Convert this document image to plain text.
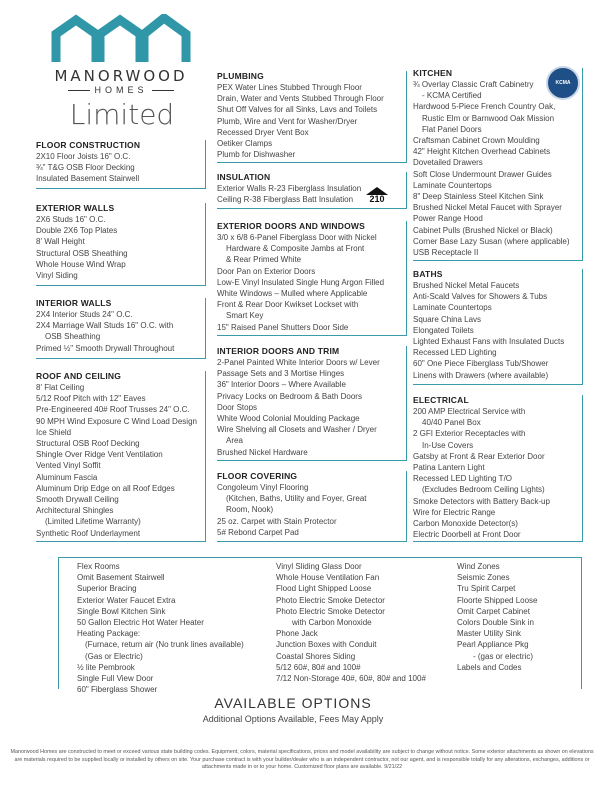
MANORWOOD
HOMES
Limited
FLOOR CONSTRUCTION
2X10 Floor Joists 16" O.C.
¾" T&G OSB Floor Decking
Insulated Basement Stairwell
EXTERIOR WALLS
2X6 Studs 16" O.C.
Double 2X6 Top Plates
8' Wall Height
Structural OSB Sheathing
Whole House Wind Wrap
Vinyl Siding
INTERIOR WALLS
2X4 Interior Studs 24" O.C.
2X4 Marriage Wall Studs 16" O.C. with
OSB Sheathing
Primed ½" Smooth Drywall Throughout
ROOF AND CEILING
8' Flat Ceiling
5/12 Roof Pitch with 12" Eaves
Pre-Engineered 40# Roof Trusses 24" O.C.
90 MPH Wind Exposure C Wind Load Design
Ice Shield
Structural OSB Roof Decking
Shingle Over Ridge Vent Ventilation
Vented Vinyl Soffit
Aluminum Fascia
Aluminum Drip Edge on all Roof Edges
Smooth Drywall Ceiling
Architectural Shingles
(Limited Lifetime Warranty)
Synthetic Roof Underlayment
PLUMBING
PEX Water Lines Stubbed Through Floor
Drain, Water and Vents Stubbed Through Floor
Shut Off Valves for all Sinks, Lavs and Toilets
Plumb, Wire and Vent for Washer/Dryer
Recessed Dryer Vent Box
Oetiker Clamps
Plumb for Dishwasher
INSULATION
Exterior Walls R-23 Fiberglass Insulation
Ceiling R-38 Fiberglass Batt Insulation	210
EXTERIOR DOORS AND WINDOWS
3/0 x 6/8 6-Panel Fiberglass Door with Nickel
Hardware & Composite Jambs at Front
& Rear Primed White
Door Pan on Exterior Doors
Low-E Vinyl Insulated Single Hung Argon Filled
White Windows – Mulled where Applicable
Front & Rear Door Kwikset Lockset with
Smart Key
15" Raised Panel Shutters Door Side
INTERIOR DOORS AND TRIM
2-Panel Painted White Interior Doors w/ Lever
Passage Sets and 3 Mortise Hinges
36" Interior Doors – Where Available
Privacy Locks on Bedroom & Bath Doors
Door Stops
White Wood Colonial Moulding Package
Wire Shelving all Closets and Washer / Dryer
Area
Brushed Nickel Hardware
FLOOR COVERING
Congoleum Vinyl Flooring
(Kitchen, Baths, Utility and Foyer, Great
Room, Nook)
25 oz. Carpet with Stain Protector
5# Rebond Carpet Pad
KITCHEN
¾ Overlay Classic Craft Cabinetry
- KCMA Certified
Hardwood 5-Piece French Country Oak,
Rustic Elm or Barnwood Oak Mission
Flat Panel Doors
Craftsman Cabinet Crown Moulding
42" Height Kitchen Overhead Cabinets
Dovetailed Drawers
Soft Close Undermount Drawer Guides
Laminate Countertops
8" Deep Stainless Steel Kitchen Sink
Brushed Nickel Metal Faucet with Sprayer
Power Range Hood
Cabinet Pulls (Brushed Nickel or Black)
Corner Base Lazy Susan (where applicable)
USB Receptacle II
KCMA
BATHS
Brushed Nickel Metal Faucets
Anti-Scald Valves for Showers & Tubs
Laminate Countertops
Square China Lavs
Elongated Toilets
Lighted Exhaust Fans with Insulated Ducts
Recessed LED Lighting
60" One Piece Fiberglass Tub/Shower
Linens with Drawers (where available)
ELECTRICAL
200 AMP Electrical Service with
40/40 Panel Box
2 GFI Exterior Receptacles with
In-Use Covers
Gatsby at Front & Rear Exterior Door
Patina Lantern Light
Recessed LED Lighting T/O
(Excludes Bedroom Ceiling Lights)
Smoke Detectors with Battery Back-up
Wire for Electric Range
Carbon Monoxide Detector(s)
Electric Doorbell at Front Door
Flex Rooms
Omit Basement Stairwell
Superior Bracing
Exterior Water Faucet Extra
Single Bowl Kitchen Sink
50 Gallon Electric Hot Water Heater
Heating Package:
(Furnace, return air (No trunk lines available)
(Gas or Electric)
½ lite Pembrook
Single Full View Door
60" Fiberglass Shower
Vinyl Sliding Glass Door
Whole House Ventilation Fan
Flood Light Shipped Loose
Photo Electric Smoke Detector
Photo Electric Smoke Detector
with Carbon Monoxide
Phone Jack
Junction Boxes with Conduit
Coastal Shores Siding
5/12 60#, 80# and 100#
7/12 Non-Storage 40#, 60#, 80# and 100#
Wind Zones
Seismic Zones
Tru Spirit Carpet
Floorte Shipped Loose
Omit Carpet Cabinet
Colors Double Sink in
Master Utility Sink
Pearl Appliance Pkg
- (gas or electric)
Labels and Codes
AVAILABLE OPTIONS
Additional Options Available, Fees May Apply
Manorwood Homes are constructed to meet or exceed various state building codes. Equipment, colors, material specifications, prices and model availability are subject to change without notice. Some exterior attachments as shown on elevations are materials required to be supplied locally or installed by others on site. Your purchase contract is with your builder/dealer who is an independent contractor, not our agent, and is responsible totally for any alterations, exchanges, additions or attachments made in or to your home. Customized floor plans are available. 9/21/22
